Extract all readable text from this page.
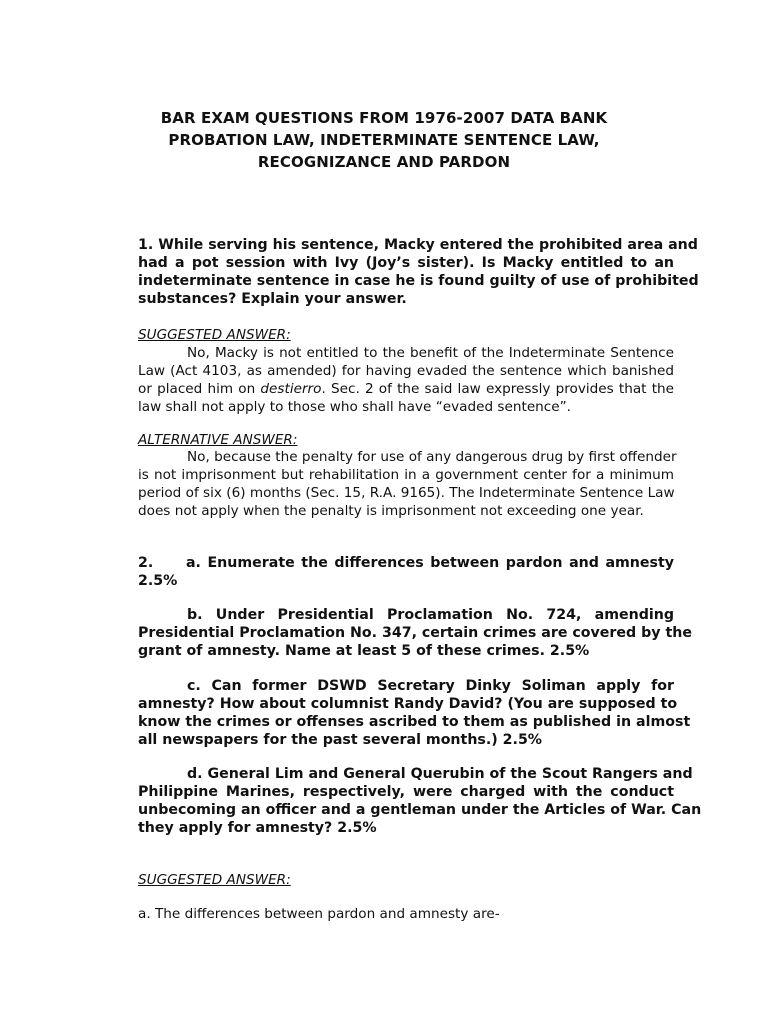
BAR EXAM QUESTIONS FROM 1976-2007 DATA BANK
PROBATION LAW, INDETERMINATE SENTENCE LAW,
RECOGNIZANCE AND PARDON
1. While serving his sentence, Macky entered the prohibited area and
had a pot session with Ivy (Joy’s sister). Is Macky entitled to an
indeterminate sentence in case he is found guilty of use of prohibited
substances? Explain your answer.
SUGGESTED ANSWER:
No, Macky is not entitled to the benefit of the Indeterminate Sentence
Law (Act 4103, as amended) for having evaded the sentence which banished
or placed him on destierro. Sec. 2 of the said law expressly provides that the
law shall not apply to those who shall have “evaded sentence”.
ALTERNATIVE ANSWER:
No, because the penalty for use of any dangerous drug by first offender
is not imprisonment but rehabilitation in a government center for a minimum
period of six (6) months (Sec. 15, R.A. 9165). The Indeterminate Sentence Law
does not apply when the penalty is imprisonment not exceeding one year.
2.     a. Enumerate the differences between pardon and amnesty
2.5%
b. Under Presidential Proclamation No. 724, amending
Presidential Proclamation No. 347, certain crimes are covered by the
grant of amnesty. Name at least 5 of these crimes. 2.5%
c. Can former DSWD Secretary Dinky Soliman apply for
amnesty? How about columnist Randy David? (You are supposed to
know the crimes or offenses ascribed to them as published in almost
all newspapers for the past several months.) 2.5%
d. General Lim and General Querubin of the Scout Rangers and
Philippine Marines, respectively, were charged with the conduct
unbecoming an officer and a gentleman under the Articles of War. Can
they apply for amnesty? 2.5%
SUGGESTED ANSWER:
a. The differences between pardon and amnesty are-
